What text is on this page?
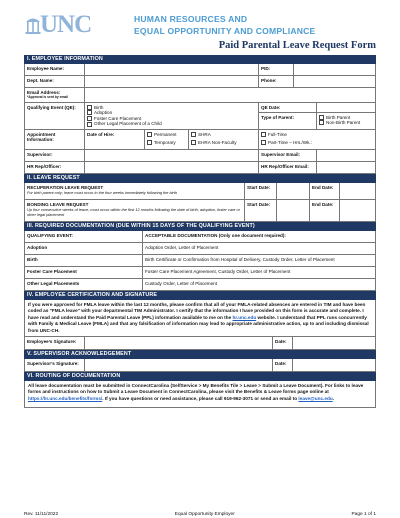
UNC	HUMAN RESOURCES AND
EQUAL OPPORTUNITY AND COMPLIANCE
Paid Parental Leave Request Form
I. EMPLOYEE INFORMATION
Employee Name:	PID:
Dept. Name:	Phone:
Email Address:
*Approval is sent by email
Qualifying Event (QE):	Birth
Adoption
Foster Care Placement
Other Legal Placement of a Child
QE Date:
Type of Parent:	Birth Parent
Non-Birth Parent
Appointment Information:
Date of Hire:	Permanent
Temporary
SHRA
EHRA Non-Faculty
Full-Time
Part-Time – Hrs./Wk.:
Supervisor:	Supervisor Email:
HR Rep/Officer:	HR Rep/Officer Email:
II. LEAVE REQUEST
RECUPERATION LEAVE REQUEST
For birth parent only; leave must occur in the four weeks immediately following the birth
Start Date:	End Date:
BONDING LEAVE REQUEST
Up four consecutive weeks of leave; must occur within the first 12 months following the date of birth, adoption, foster care or other legal placement
Start Date:	End Date:
III. REQUIRED DOCUMENTATION (DUE WITHIN 15 DAYS OF THE QUALIFYING EVENT)
QUALIFYING EVENT:	ACCEPTABLE DOCUMENTATION (Only one document required):
Adoption	Adoption Order, Letter of Placement
Birth	Birth Certificate or Confirmation from Hospital of Delivery, Custody Order, Letter of Placement
Foster Care Placement	Foster Care Placement Agreement, Custody Order, Letter of Placement
Other Legal Placements	Custody Order, Letter of Placement
IV. EMPLOYEE CERTIFICATION AND SIGNATURE
If you were approved for FMLA leave within the last 12 months, please confirm that all of your FMLA-related absences are entered in TIM and have been coded as "FMLA leave" with your departmental TIM Administrator. I certify that the information I have provided on this form is accurate and complete. I have read and understand the Paid Parental Leave (PPL) information available to me on the hr.unc.edu website. I understand that PPL runs concurrently with Family & Medical Leave (FMLA) and that any falsification of information may lead to appropriate administrative action, up to and including dismissal from UNC-CH.
Employee’s Signature:	Date:
V. SUPERVISOR ACKNOWLEDGEMENT
Supervisor’s Signature:	Date:
VI. ROUTING OF DOCUMENTATION
All leave documentation must be submitted in ConnectCarolina (SelfService > My Benefits Tile > Leave > Submit a Leave Document). For links to leave forms and instructions on how to Submit a Leave Document in ConnectCarolina, please visit the Benefits & Leave forms page online at https://hr.unc.edu/benefits/forms/. If you have questions or need assistance, please call 919-962-3071 or send an email to leave@unc.edu.
Rev. 11/11/2022	Equal Opportunity Employer	Page 1 of 1
